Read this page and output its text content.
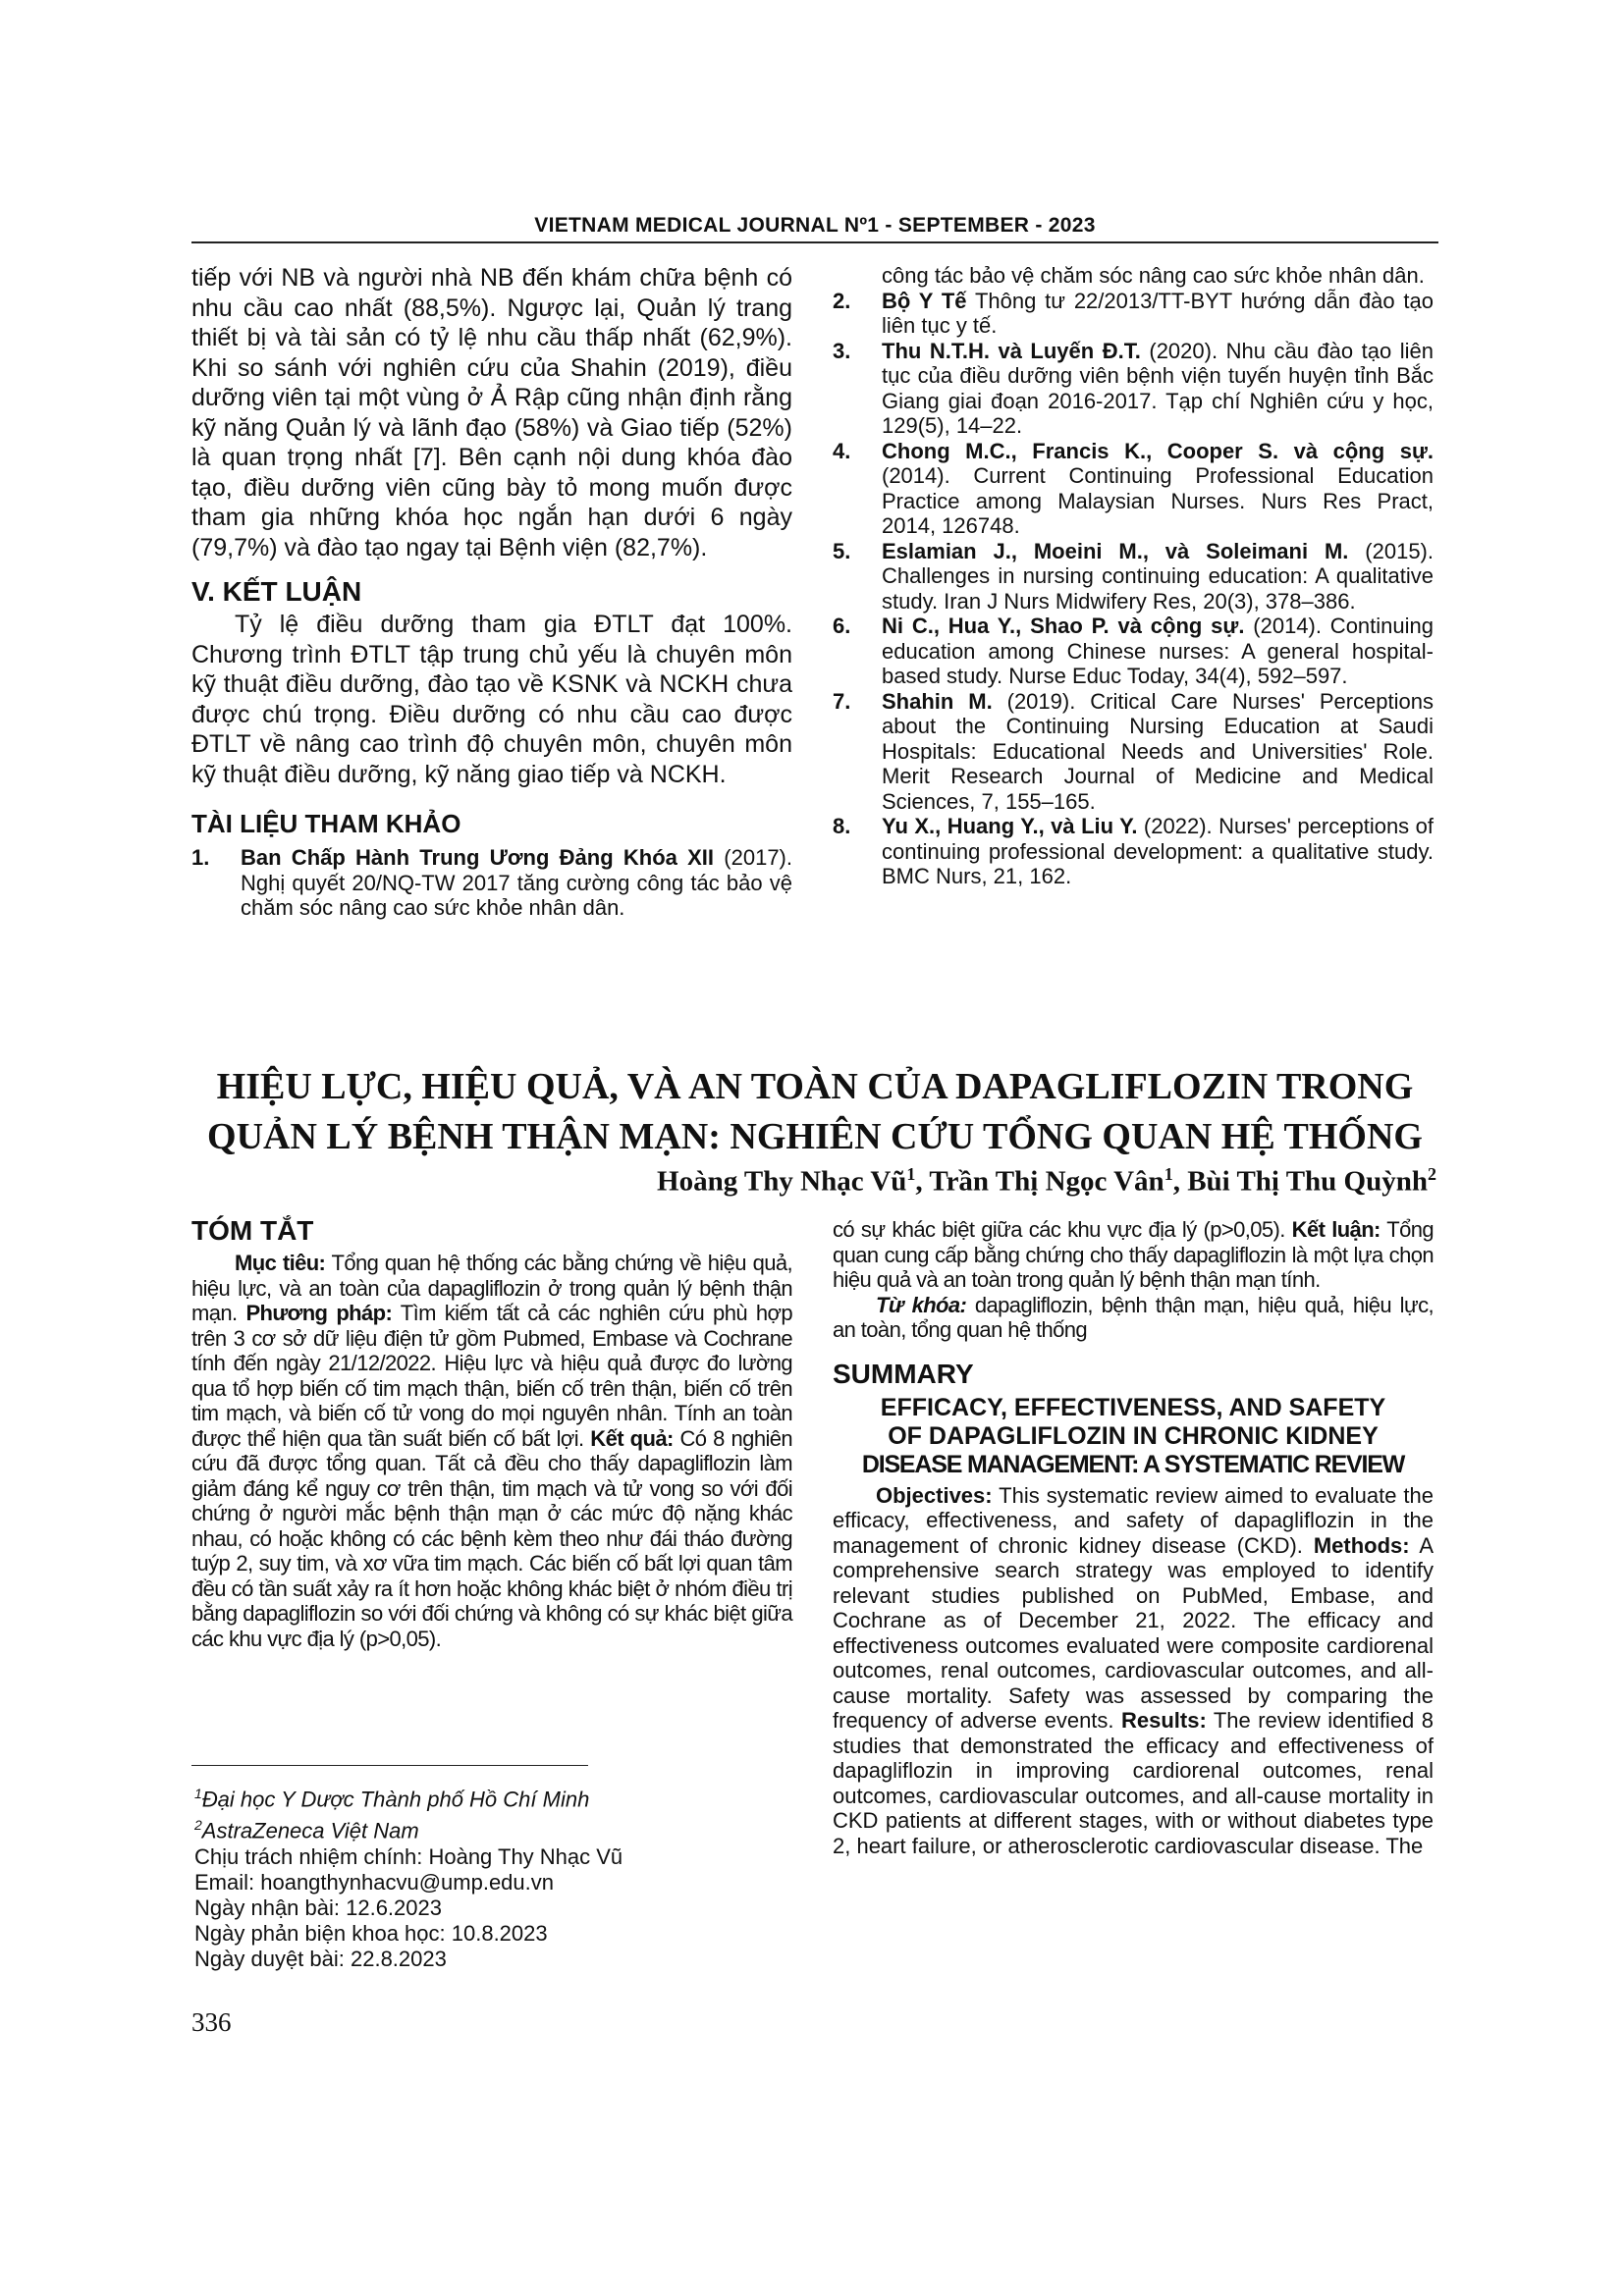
VIETNAM MEDICAL JOURNAL Nº1 - SEPTEMBER - 2023

tiếp với NB và người nhà NB đến khám chữa bệnh có nhu cầu cao nhất (88,5%). Ngược lại, Quản lý trang thiết bị và tài sản có tỷ lệ nhu cầu thấp nhất (62,9%). Khi so sánh với nghiên cứu của Shahin (2019), điều dưỡng viên tại một vùng ở Ả Rập cũng nhận định rằng kỹ năng Quản lý và lãnh đạo (58%) và Giao tiếp (52%) là quan trọng nhất [7]. Bên cạnh nội dung khóa đào tạo, điều dưỡng viên cũng bày tỏ mong muốn được tham gia những khóa học ngắn hạn dưới 6 ngày (79,7%) và đào tạo ngay tại Bệnh viện (82,7%).

V. KẾT LUẬN

Tỷ lệ điều dưỡng tham gia ĐTLT đạt 100%. Chương trình ĐTLT tập trung chủ yếu là chuyên môn kỹ thuật điều dưỡng, đào tạo về KSNK và NCKH chưa được chú trọng. Điều dưỡng có nhu cầu cao được ĐTLT về nâng cao trình độ chuyên môn, chuyên môn kỹ thuật điều dưỡng, kỹ năng giao tiếp và NCKH.

TÀI LIỆU THAM KHẢO

1. Ban Chấp Hành Trung Ương Đảng Khóa XII (2017). Nghị quyết 20/NQ-TW 2017 tăng cường công tác bảo vệ chăm sóc nâng cao sức khỏe nhân dân.
công tác bảo vệ chăm sóc nâng cao sức khỏe nhân dân.
2. Bộ Y Tế Thông tư 22/2013/TT-BYT hướng dẫn đào tạo liên tục y tế.
3. Thu N.T.H. và Luyến Đ.T. (2020). Nhu cầu đào tạo liên tục của điều dưỡng viên bệnh viện tuyến huyện tỉnh Bắc Giang giai đoạn 2016-2017. Tạp chí Nghiên cứu y học, 129(5), 14–22.
4. Chong M.C., Francis K., Cooper S. và cộng sự. (2014). Current Continuing Professional Education Practice among Malaysian Nurses. Nurs Res Pract, 2014, 126748.
5. Eslamian J., Moeini M., và Soleimani M. (2015). Challenges in nursing continuing education: A qualitative study. Iran J Nurs Midwifery Res, 20(3), 378–386.
6. Ni C., Hua Y., Shao P. và cộng sự. (2014). Continuing education among Chinese nurses: A general hospital-based study. Nurse Educ Today, 34(4), 592–597.
7. Shahin M. (2019). Critical Care Nurses' Perceptions about the Continuing Nursing Education at Saudi Hospitals: Educational Needs and Universities' Role. Merit Research Journal of Medicine and Medical Sciences, 7, 155–165.
8. Yu X., Huang Y., và Liu Y. (2022). Nurses' perceptions of continuing professional development: a qualitative study. BMC Nurs, 21, 162.
HIỆU LỰC, HIỆU QUẢ, VÀ AN TOÀN CỦA DAPAGLIFLOZIN TRONG
QUẢN LÝ BỆNH THẬN MẠN: NGHIÊN CỨU TỔNG QUAN HỆ THỐNG
Hoàng Thy Nhạc $Vũ^1$, Trần Thị Ngọc Vân$^1$, Bùi Thị Thu Quỳnh$^2$

TÓM TẮT

Mục tiêu: Tổng quan hệ thống các bằng chứng về hiệu quả, hiệu lực, và an toàn của dapagliflozin ở trong quản lý bệnh thận mạn. Phương pháp: Tìm kiếm tất cả các nghiên cứu phù hợp trên 3 cơ sở dữ liệu điện tử gồm Pubmed, Embase và Cochrane tính đến ngày 21/12/2022. Hiệu lực và hiệu quả được đo lường qua tổ hợp biến cố tim mạch thận, biến cố trên thận, biến cố trên tim mạch, và biến cố tử vong do mọi nguyên nhân. Tính an toàn được thể hiện qua tần suất biến cố bất lợi. Kết quả: Có 8 nghiên cứu đã được tổng quan. Tất cả đều cho thấy dapagliflozin làm giảm đáng kể nguy cơ trên thận, tim mạch và tử vong so với đối chứng ở người mắc bệnh thận mạn ở các mức độ nặng khác nhau, có hoặc không có các bệnh kèm theo như đái tháo đường tuýp 2, suy tim, và xơ vữa tim mạch. Các biến cố bất lợi quan tâm đều có tần suất xảy ra ít hơn hoặc không khác biệt ở nhóm điều trị bằng dapagliflozin so với đối chứng và không có sự khác biệt giữa các khu vực địa lý (p>0,05).

có sự khác biệt giữa các khu vực địa lý (p>0,05). Kết luận: Tổng quan cung cấp bằng chứng cho thấy dapagliflozin là một lựa chọn hiệu quả và an toàn trong quản lý bệnh thận mạn tính.

Từ khóa: dapagliflozin, bệnh thận mạn, hiệu quả, hiệu lực, an toàn, tổng quan hệ thống

SUMMARY

EFFICACY, EFFECTIVENESS, AND SAFETY
OF DAPAGLIFLOZIN IN CHRONIC KIDNEY
DISEASE MANAGEMENT: A SYSTEMATIC REVIEW

Objectives: This systematic review aimed to evaluate the efficacy, effectiveness, and safety of dapagliflozin in the management of chronic kidney disease (CKD). Methods: A comprehensive search strategy was employed to identify relevant studies published on PubMed, Embase, and Cochrane as of December 21, 2022. The efficacy and effectiveness outcomes evaluated were composite cardiorenal outcomes, renal outcomes, cardiovascular outcomes, and all-cause mortality. Safety was assessed by comparing the frequency of adverse events. Results: The review identified 8 studies that demonstrated the efficacy and effectiveness of dapagliflozin in improving cardiorenal outcomes, renal outcomes, cardiovascular outcomes, and all-cause mortality in CKD patients at different stages, with or without diabetes type 2, heart failure, or atherosclerotic cardiovascular disease. The

$^1$Đại học Y Dược Thành phố Hồ Chí Minh
$^2$AstraZeneca Việt Nam
Chịu trách nhiệm chính: Hoàng Thy Nhạc Vũ
Email: hoangthynhacvu@ump.edu.vn
Ngày nhận bài: 12.6.2023
Ngày phản biện khoa học: 10.8.2023
Ngày duyệt bài: 22.8.2023
336
